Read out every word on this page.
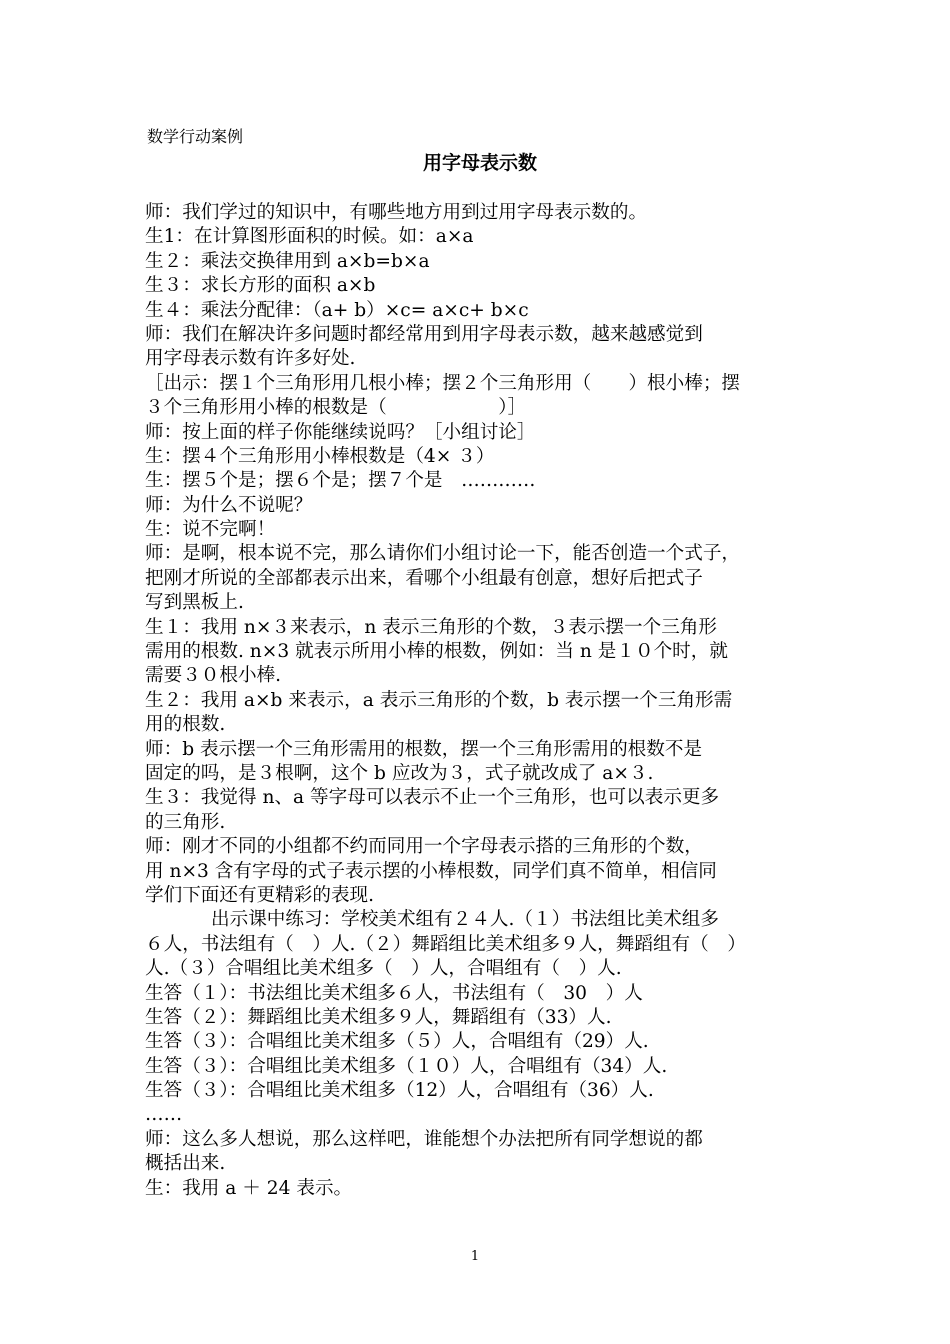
数学行动案例
用字母表示数
师：我们学过的知识中，有哪些地方用到过用字母表示数的。
生1：在计算图形面积的时候。如：a×a
生２：乘法交换律用到 a×b=b×a
生３：求长方形的面积 a×b
生４：乘法分配律：（a+ b）×c= a×c+ b×c
师：我们在解决许多问题时都经常用到用字母表示数，越来越感觉到
用字母表示数有许多好处.
［出示：摆１个三角形用几根小棒；摆２个三角形用（　　）根小棒；摆
３个三角形用小棒的根数是（　　　　　　）］
师：按上面的样子你能继续说吗？［小组讨论］
生：摆４个三角形用小棒根数是（4× ３）
生：摆５个是；摆６个是；摆７个是　…………
师：为什么不说呢？
生：说不完啊！
师：是啊，根本说不完，那么请你们小组讨论一下，能否创造一个式子，
把刚才所说的全部都表示出来，看哪个小组最有创意，想好后把式子
写到黑板上.
生１：我用 n×３来表示，n 表示三角形的个数，３表示摆一个三角形
需用的根数. n×3 就表示所用小棒的根数，例如：当 n 是１０个时，就
需要３０根小棒.
生２：我用 a×b 来表示，a 表示三角形的个数，b 表示摆一个三角形需
用的根数.
师：b 表示摆一个三角形需用的根数，摆一个三角形需用的根数不是
固定的吗，是３根啊，这个 b 应改为３，式子就改成了 a×３.
生３：我觉得 n、a 等字母可以表示不止一个三角形，也可以表示更多
的三角形.
师：刚才不同的小组都不约而同用一个字母表示搭的三角形的个数，
用 n×3 含有字母的式子表示摆的小棒根数，同学们真不简单，相信同
学们下面还有更精彩的表现.
出示课中练习：学校美术组有２４人.（１）书法组比美术组多
６人，书法组有（　）人.（２）舞蹈组比美术组多９人，舞蹈组有（　）
人.（３）合唱组比美术组多（　）人，合唱组有（　）人.
生答（１）：书法组比美术组多６人，书法组有（　30　）人
生答（２）：舞蹈组比美术组多９人，舞蹈组有（33）人.
生答（３）：合唱组比美术组多（５）人，合唱组有（29）人.
生答（３）：合唱组比美术组多（１０）人，合唱组有（34）人.
生答（３）：合唱组比美术组多（12）人，合唱组有（36）人.
……
师：这么多人想说，那么这样吧，谁能想个办法把所有同学想说的都
概括出来.
生：我用 a ＋ 24 表示。
1
